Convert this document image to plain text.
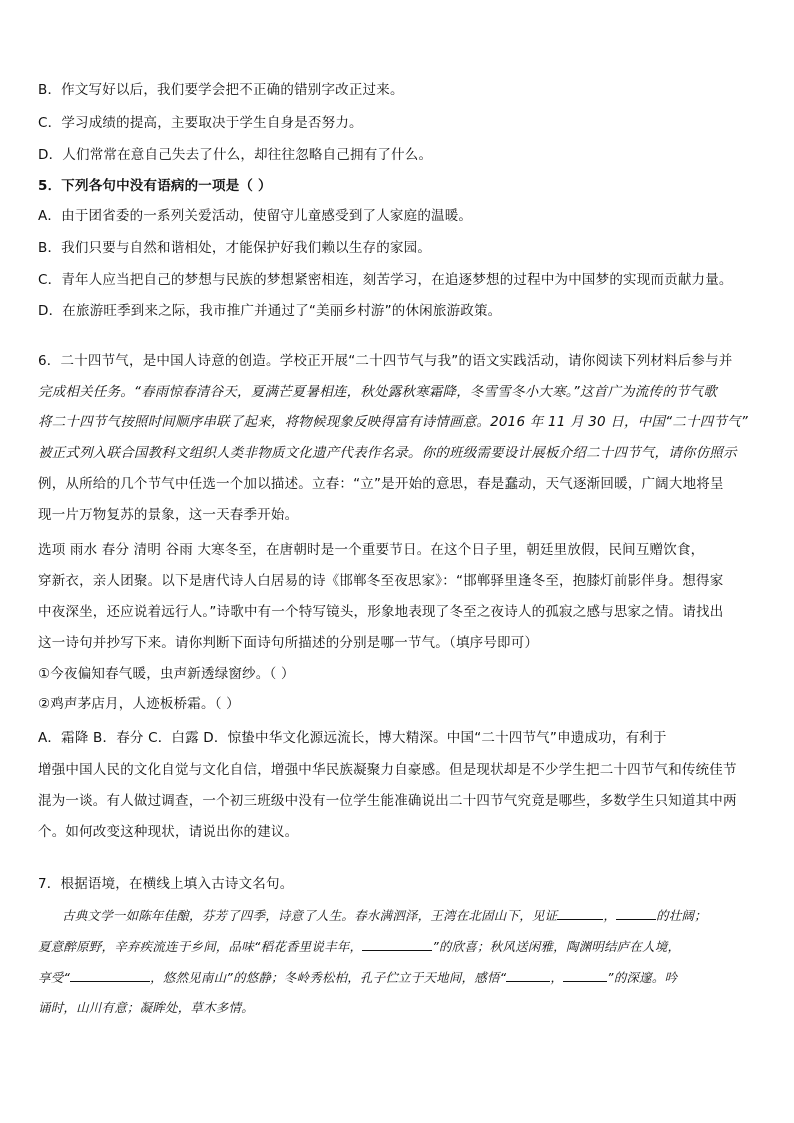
B．作文写好以后，我们要学会把不正确的错别字改正过来。
C．学习成绩的提高，主要取决于学生自身是否努力。
D．人们常常在意自己失去了什么，却往往忽略自己拥有了什么。
5．下列各句中没有语病的一项是（ ）
A．由于团省委的一系列关爱活动，使留守儿童感受到了人家庭的温暖。
B．我们只要与自然和谐相处，才能保护好我们赖以生存的家园。
C．青年人应当把自己的梦想与民族的梦想紧密相连，刻苦学习，在追逐梦想的过程中为中国梦的实现而贡献力量。
D．在旅游旺季到来之际，我市推广并通过了“美丽乡村游”的休闲旅游政策。
6．二十四节气，是中国人诗意的创造。学校正开展“二十四节气与我”的语文实践活动，请你阅读下列材料后参与并
完成相关任务。“春雨惊春清谷天，夏满芒夏暑相连，秋处露秋寒霜降，冬雪雪冬小大寒。”这首广为流传的节气歌
将二十四节气按照时间顺序串联了起来，将物候现象反映得富有诗情画意。2016 年 11 月 30 日，中国“二十四节气”
被正式列入联合国教科文组织人类非物质文化遗产代表作名录。你的班级需要设计展板介绍二十四节气，请你仿照示
例，从所给的几个节气中任选一个加以描述。立春：“立”是开始的意思，春是蠢动，天气逐渐回暖，广阔大地将呈
现一片万物复苏的景象，这一天春季开始。
选项 雨水 春分 清明 谷雨 大寒冬至，在唐朝时是一个重要节日。在这个日子里，朝廷里放假，民间互赠饮食，
穿新衣，亲人团聚。以下是唐代诗人白居易的诗《邯郸冬至夜思家》：“邯郸驿里逢冬至，抱膝灯前影伴身。想得家
中夜深坐，还应说着远行人。”诗歌中有一个特写镜头，形象地表现了冬至之夜诗人的孤寂之感与思家之情。请找出
这一诗句并抄写下来。请你判断下面诗句所描述的分别是哪一节气。（填序号即可）
①今夜偏知春气暖，虫声新透绿窗纱。（ ）
②鸡声茅店月，人迹板桥霜。（ ）
A．霜降 B．春分 C．白露 D．惊蛰中华文化源远流长，博大精深。中国“二十四节气”申遗成功，有利于
增强中国人民的文化自觉与文化自信，增强中华民族凝聚力自豪感。但是现状却是不少学生把二十四节气和传统佳节
混为一谈。有人做过调查，一个初三班级中没有一位学生能准确说出二十四节气究竟是哪些，多数学生只知道其中两
个。如何改变这种现状，请说出你的建议。
7．根据语境，在横线上填入古诗文名句。
古典文学一如陈年佳酿，芬芳了四季，诗意了人生。春水满泗泽，王湾在北固山下，见证	，	的壮阔；
夏意醉原野，辛弃疾流连于乡间，品味“稻花香里说丰年，	”的欣喜；秋风送闲雅，陶渊明结庐在人境，
享受“	，悠然见南山”的悠静；冬岭秀松柏，孔子伫立于天地间，感悟“	，	”的深邃。吟
诵时，山川有意；凝眸处，草木多情。
